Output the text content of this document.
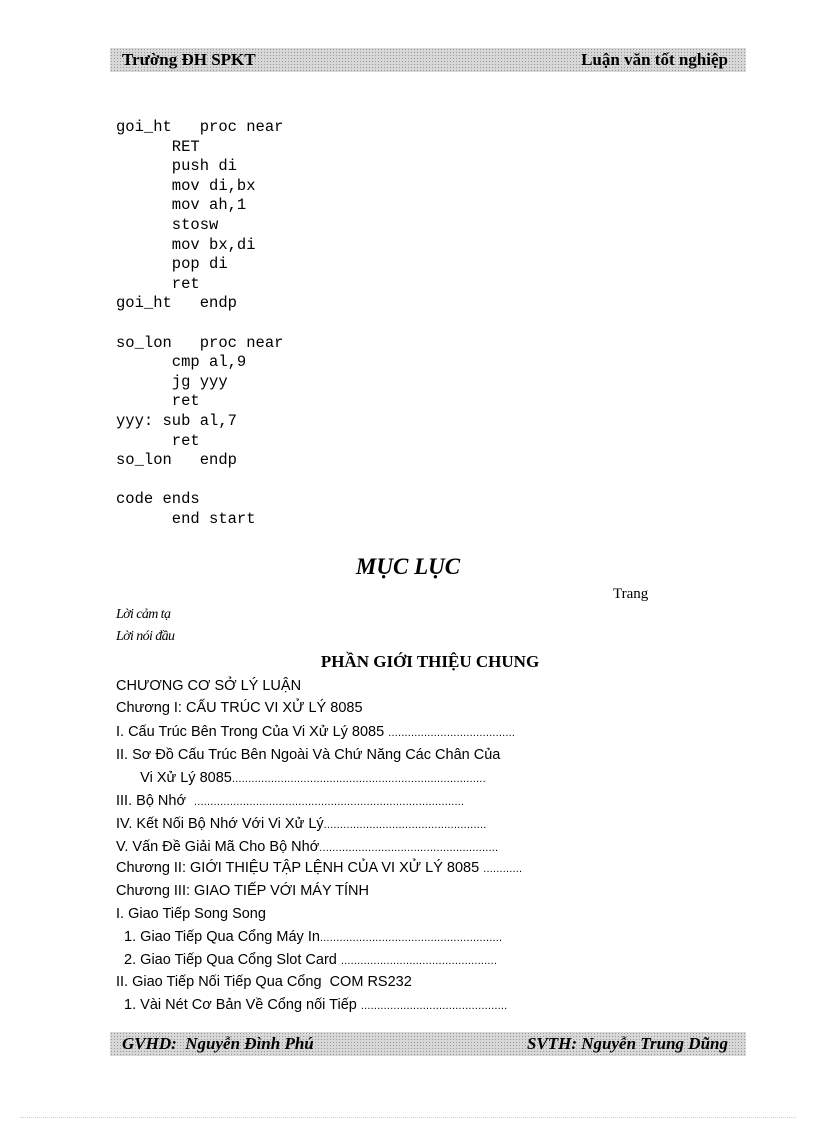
Trường ĐH SPKT	Luận văn tốt nghiệp
goi_ht   proc near
RET
push di
mov di,bx
mov ah,1
stosw
mov bx,di
pop di
ret
goi_ht   endp
so_lon   proc near
cmp al,9
jg yyy
ret
yyy: sub al,7
ret
so_lon   endp
code ends
end start
MỤC LỤC
Trang
Lời cảm tạ
Lời nói đầu
PHẦN GIỚI THIỆU CHUNG
CHƯƠNG CƠ SỞ LÝ LUẬN
Chương I: CẤU TRÚC VI XỬ LÝ 8085
I. Cấu Trúc Bên Trong Của Vi Xử Lý 8085 .......................................
II. Sơ Đồ Cấu Trúc Bên Ngoài Và Chứ Năng Các Chân Của
Vi Xử Lý 8085..............................................................................
III. Bộ Nhớ  ...................................................................................
IV. Kết Nối Bộ Nhớ Với Vi Xử Lý..................................................
V. Vấn Đề Giải Mã Cho Bộ Nhớ.......................................................
Chương II: GIỚI THIỆU TẬP LỆNH CỦA VI XỬ LÝ 8085 ............
Chương III: GIAO TIẾP VỚI MÁY TÍNH
I. Giao Tiếp Song Song
1. Giao Tiếp Qua Cổng Máy In........................................................
2. Giao Tiếp Qua Cổng Slot Card ................................................
II. Giao Tiếp Nối Tiếp Qua Cổng  COM RS232
1. Vài Nét Cơ Bản Về Cổng nối Tiếp .............................................
GVHD:  Nguyễn Đình Phú	SVTH: Nguyễn Trung Dũng
